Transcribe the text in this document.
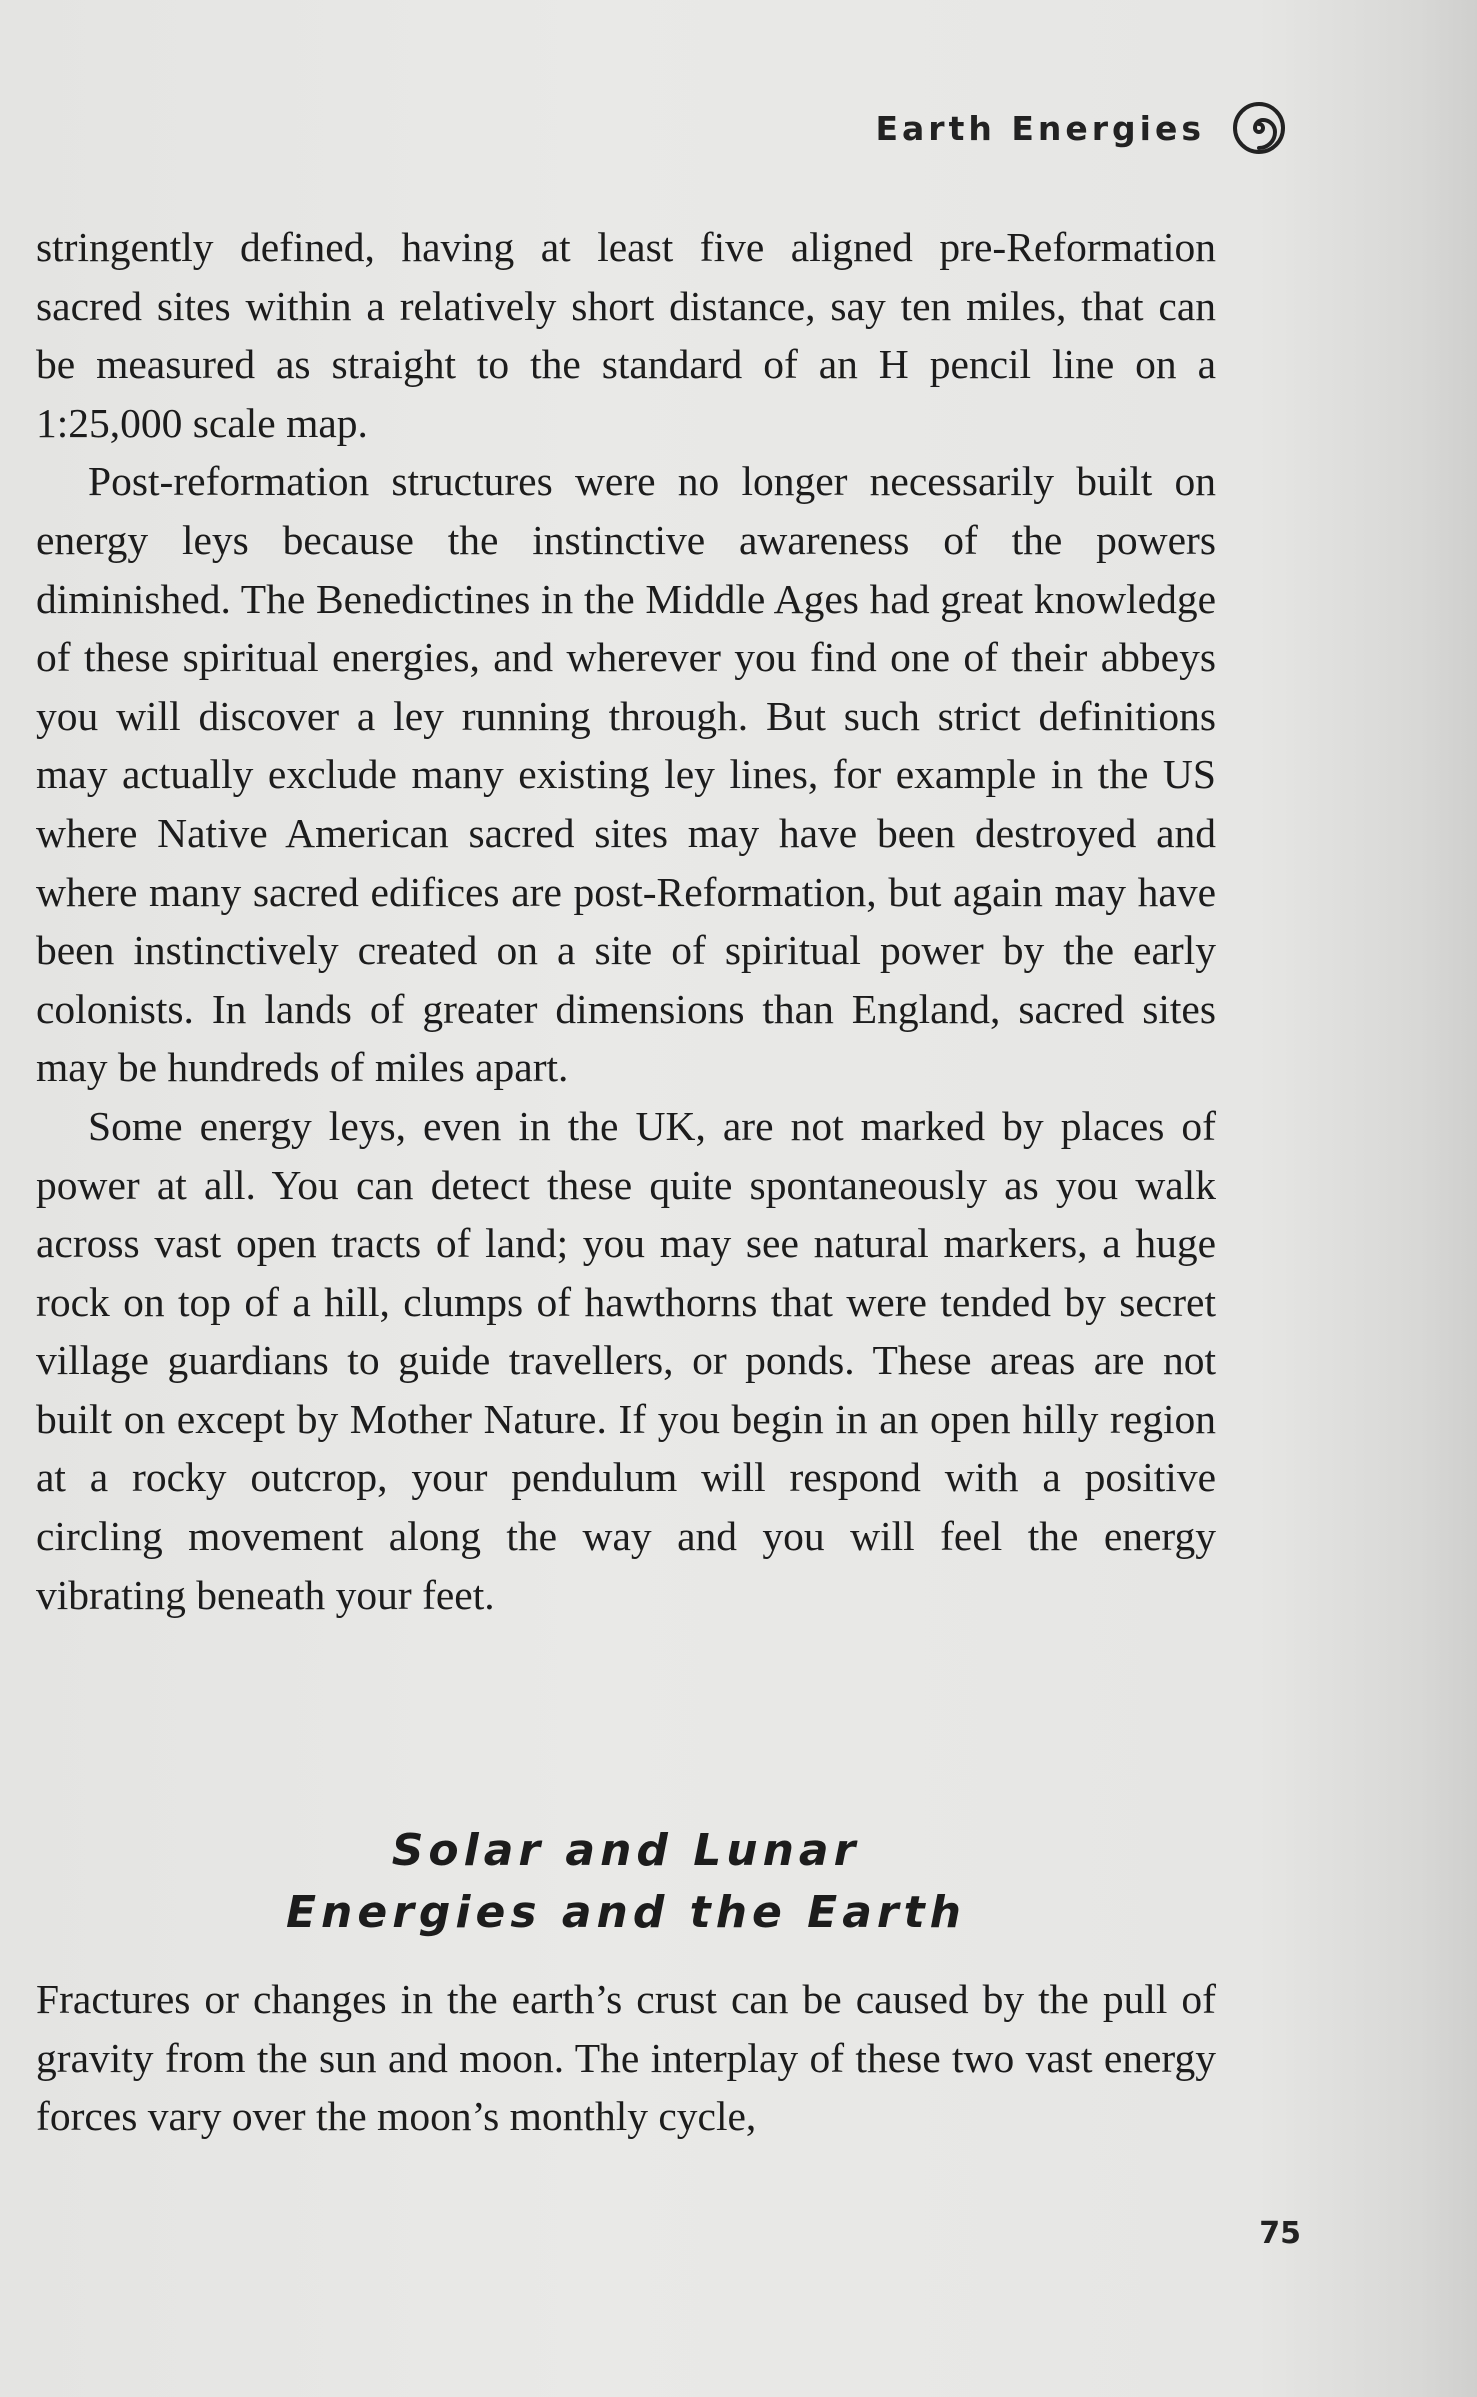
Earth Energies

stringently defined, having at least five aligned pre-Reformation sacred sites within a relatively short distance, say ten miles, that can be measured as straight to the standard of an H pencil line on a 1:25,000 scale map.

Post-reformation structures were no longer necessarily built on energy leys because the instinctive awareness of the powers diminished. The Benedictines in the Middle Ages had great knowledge of these spiritual energies, and wherever you find one of their abbeys you will discover a ley running through. But such strict definitions may actually exclude many existing ley lines, for example in the US where Native American sacred sites may have been destroyed and where many sacred edifices are post-Reformation, but again may have been instinctively created on a site of spiritual power by the early colonists. In lands of greater dimensions than England, sacred sites may be hundreds of miles apart.

Some energy leys, even in the UK, are not marked by places of power at all. You can detect these quite spontaneously as you walk across vast open tracts of land; you may see natural markers, a huge rock on top of a hill, clumps of hawthorns that were tended by secret village guardians to guide travellers, or ponds. These areas are not built on except by Mother Nature. If you begin in an open hilly region at a rocky outcrop, your pendulum will respond with a positive circling movement along the way and you will feel the energy vibrating beneath your feet.

Solar and Lunar
Energies and the Earth

Fractures or changes in the earth’s crust can be caused by the pull of gravity from the sun and moon. The interplay of these two vast energy forces vary over the moon’s monthly cycle,

75
